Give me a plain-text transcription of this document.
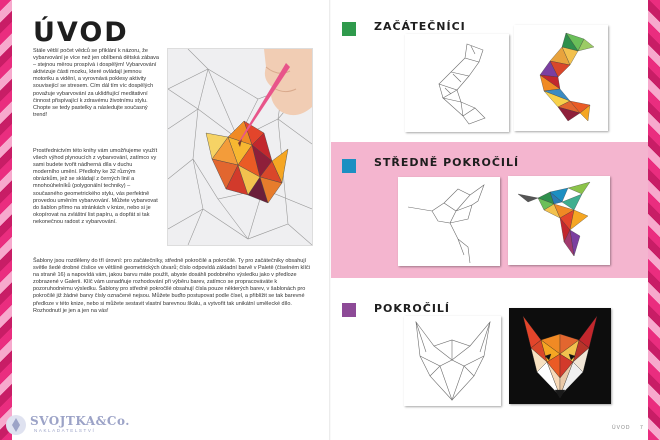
ÚVOD

Stále větší počet vědců se přiklání k názoru, že vybarvování je více než jen oblíbená dětská zábava – stejnou měrou prospívá i dospělým! Vybarvování aktivizuje části mozku, které ovládají jemnou motoriku a vidění, a vyrovnává poklesy aktivity související se stresem. Cím dál tím víc dospělých považuje vybarvování za uklidňující meditativní činnost přispívající k zdravému životnímu stylu. Chopte se tedy pastelky a následujte současný trend!

Prostřednictvím této knihy vám umožňujeme využít všech výhod plynoucích z vybarvování, zatímco vy sami budete tvořit nádherná díla v duchu moderního umění. Předlohy ke 32 různým obrázkům, jež se skládají z černých linií a mnohoúhelníků (polygonální techniky) – současného geometrického stylu, vás perfektně provedou uměním vybarvování. Můžete vybarvovat do šablon přímo na stránkách v knize, nebo si je okopírovat na zvláštní list papíru, a dopřát si tak nekonečnou radost z vybarvování.

Šablony jsou rozděleny do tří úrovní: pro začátečníky, středně pokročilé a pokročilé. Ty pro začátečníky obsahují světle šedé drobné číslice ve většině geometrických útvarů; číslo odpovídá základní barvě v Paletě (číselném klíči na straně 16) a napovídá vám, jakou barvu máte použít, abyste dosáhli podobného výsledku jako v předloze zobrazené v Galerii. Klíč vám usnadňuje rozhodování při výběru barev, zatímco se propracováváte k pozoruhodnému výsledku. Šablony pro středně pokročilé obsahují čísla pouze některých barev, v šablonách pro pokročilé již žádné barvy čísly označené nejsou. Můžete buďto postupovat podle čísel, a přiblížit se tak barevné předloze v této knize, nebo si můžete sestavit vlastní barevnou škálu, a vytvořit tak unikátní umělecké dílo. Rozhodnutí je jen a jen na vás!

SVOJTKA&Co.
NAKLADATELSTVÍ
ZAČÁTEČNÍCI
STŘEDNĚ POKROČILÍ
POKROČILÍ
ÚVOD 7
